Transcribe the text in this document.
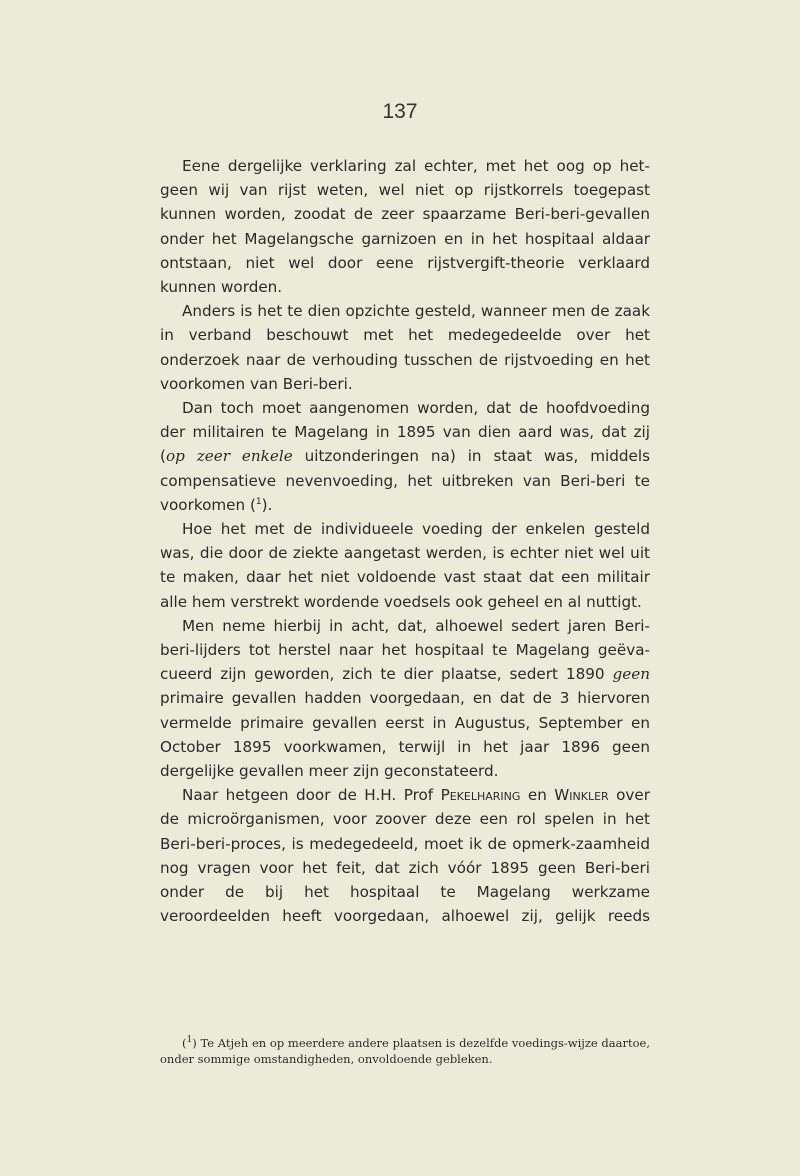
137

Eene dergelijke verklaring zal echter, met het oog op het-geen wij van rijst weten, wel niet op rijstkorrels toegepast kunnen worden, zoodat de zeer spaarzame Beri-beri-gevallen onder het Magelangsche garnizoen en in het hospitaal aldaar ontstaan, niet wel door eene rijstvergift-theorie verklaard kunnen worden.

Anders is het te dien opzichte gesteld, wanneer men de zaak in verband beschouwt met het medegedeelde over het onderzoek naar de verhouding tusschen de rijstvoeding en het voorkomen van Beri-beri.

Dan toch moet aangenomen worden, dat de hoofdvoeding der militairen te Magelang in 1895 van dien aard was, dat zij (op zeer enkele uitzonderingen na) in staat was, middels compensatieve nevenvoeding, het uitbreken van Beri-beri te voorkomen ($^1$).

Hoe het met de individueele voeding der enkelen gesteld was, die door de ziekte aangetast werden, is echter niet wel uit te maken, daar het niet voldoende vast staat dat een militair alle hem verstrekt wordende voedsels ook geheel en al nuttigt.

Men neme hierbij in acht, dat, alhoewel sedert jaren Beri-beri-lijders tot herstel naar het hospitaal te Magelang geëva-cueerd zijn geworden, zich te dier plaatse, sedert 1890 geen primaire gevallen hadden voorgedaan, en dat de 3 hiervoren vermelde primaire gevallen eerst in Augustus, September en October 1895 voorkwamen, terwijl in het jaar 1896 geen dergelijke gevallen meer zijn geconstateerd.

Naar hetgeen door de H.H. Prof Pekelharing en Winkler over de microörganismen, voor zoover deze een rol spelen in het Beri-beri-proces, is medegedeeld, moet ik de opmerk-zaamheid nog vragen voor het feit, dat zich vóór 1895 geen Beri-beri onder de bij het hospitaal te Magelang werkzame veroordeelden heeft voorgedaan, alhoewel zij, gelijk reeds

($^1$) Te Atjeh en op meerdere andere plaatsen is dezelfde voedings-wijze daartoe, onder sommige omstandigheden, onvoldoende gebleken.
